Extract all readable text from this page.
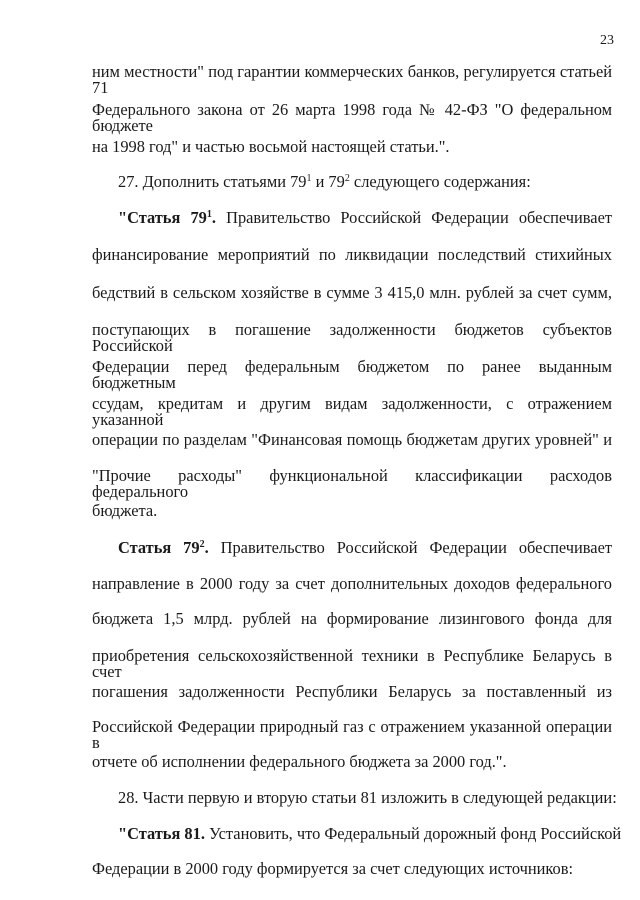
23
ним местности" под гарантии коммерческих банков, регулируется статьей 71
Федерального закона от 26 марта 1998 года № 42-ФЗ "О федеральном бюджете
на 1998 год" и частью восьмой настоящей статьи.".
27. Дополнить статьями $79^1$ и $79^2$ следующего содержания:
"Статья $79^1$. Правительство Российской Федерации обеспечивает
финансирование мероприятий по ликвидации последствий стихийных
бедствий в сельском хозяйстве в сумме 3 415,0 млн. рублей за счет сумм,
поступающих в погашение задолженности бюджетов субъектов Российской
Федерации перед федеральным бюджетом по ранее выданным бюджетным
ссудам, кредитам и другим видам задолженности, с отражением указанной
операции по разделам "Финансовая помощь бюджетам других уровней" и
"Прочие расходы" функциональной классификации расходов федерального
бюджета.
Статья $79^2$. Правительство Российской Федерации обеспечивает
направление в 2000 году за счет дополнительных доходов федерального
бюджета 1,5 млрд. рублей на формирование лизингового фонда для
приобретения сельскохозяйственной техники в Республике Беларусь в счет
погашения задолженности Республики Беларусь за поставленный из
Российской Федерации природный газ с отражением указанной операции в
отчете об исполнении федерального бюджета за 2000 год.".
28. Части первую и вторую статьи 81 изложить в следующей редакции:
"Статья 81. Установить, что Федеральный дорожный фонд Российской
Федерации в 2000 году формируется за счет следующих источников:
